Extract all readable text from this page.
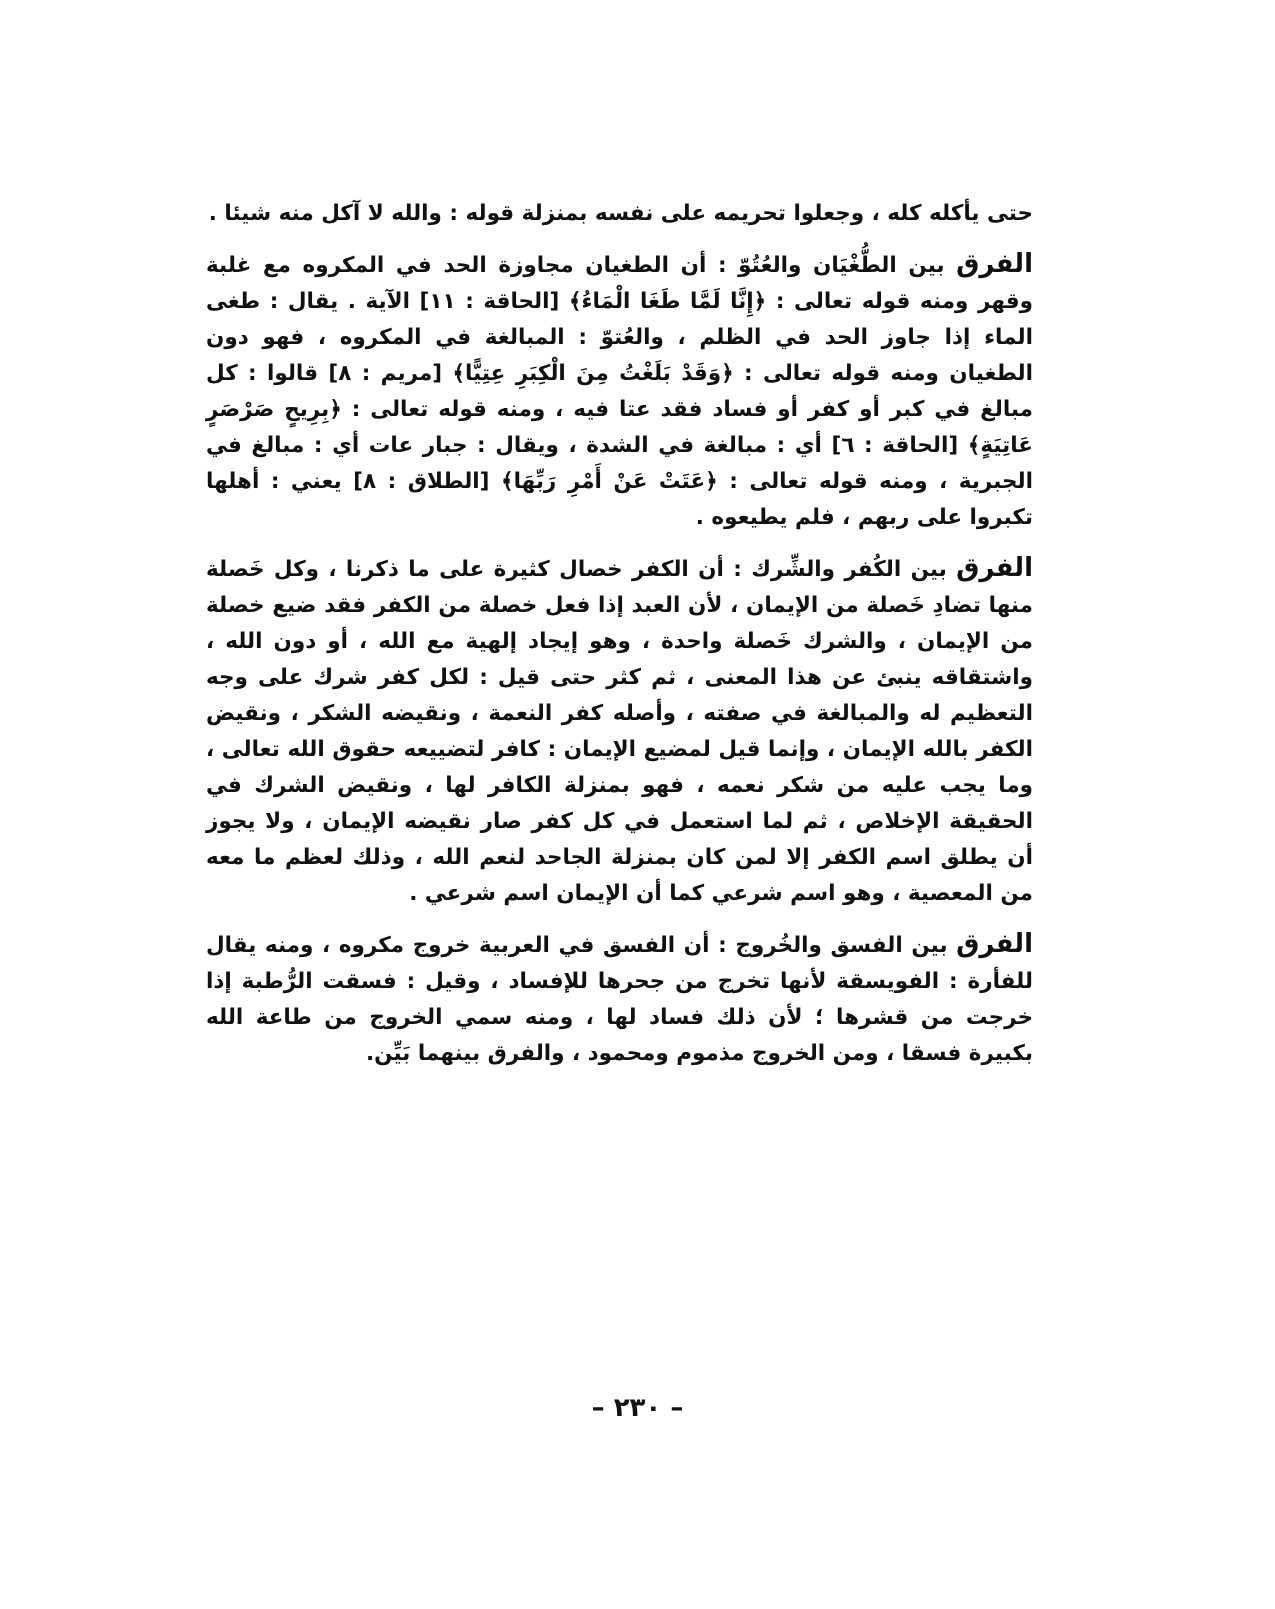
حتى يأكله كله ، وجعلوا تحريمه على نفسه بمنزلة قوله : والله لا آكل منه شيئا .

الفرق بين الطُّغْيَان والعُتُوّ : أن الطغيان مجاوزة الحد في المكروه مع غلبة وقهر ومنه قوله تعالى : ﴿إِنَّا لَمَّا طَغَا الْمَاءُ﴾ [الحاقة : ١١] الآية . يقال : طغى الماء إذا جاوز الحد في الظلم ، والعُتوّ : المبالغة في المكروه ، فهو دون الطغيان ومنه قوله تعالى : ﴿وَقَدْ بَلَغْتُ مِنَ الْكِبَرِ عِتِيًّا﴾ [مريم : ٨] قالوا : كل مبالغ في كبر أو كفر أو فساد فقد عتا فيه ، ومنه قوله تعالى : ﴿بِرِيحٍ صَرْصَرٍ عَاتِيَةٍ﴾ [الحاقة : ٦] أي : مبالغة في الشدة ، ويقال : جبار عات أي : مبالغ في الجبرية ، ومنه قوله تعالى : ﴿عَتَتْ عَنْ أَمْرِ رَبِّهَا﴾ [الطلاق : ٨] يعني : أهلها تكبروا على ربهم ، فلم يطيعوه .

الفرق بين الكُفر والشِّرك : أن الكفر خصال كثيرة على ما ذكرنا ، وكل خَصلة منها تضادِ خَصلة من الإيمان ، لأن العبد إذا فعل خصلة من الكفر فقد ضيع خصلة من الإيمان ، والشرك خَصلة واحدة ، وهو إيجاد إلهية مع الله ، أو دون الله ، واشتقاقه ينبئ عن هذا المعنى ، ثم كثر حتى قيل : لكل كفر شرك على وجه التعظيم له والمبالغة في صفته ، وأصله كفر النعمة ، ونقيضه الشكر ، ونقيض الكفر بالله الإيمان ، وإنما قيل لمضيع الإيمان : كافر لتضييعه حقوق الله تعالى ، وما يجب عليه من شكر نعمه ، فهو بمنزلة الكافر لها ، ونقيض الشرك في الحقيقة الإخلاص ، ثم لما استعمل في كل كفر صار نقيضه الإيمان ، ولا يجوز أن يطلق اسم الكفر إلا لمن كان بمنزلة الجاحد لنعم الله ، وذلك لعظم ما معه من المعصية ، وهو اسم شرعي كما أن الإيمان اسم شرعي .

الفرق بين الفسق والخُروج : أن الفسق في العربية خروج مكروه ، ومنه يقال للفأرة : الفويسقة لأنها تخرج من جحرها للإفساد ، وقيل : فسقت الرُّطبة إذا خرجت من قشرها ؛ لأن ذلك فساد لها ، ومنه سمي الخروج من طاعة الله بكبيرة فسقا ، ومن الخروج مذموم ومحمود ، والفرق بينهما بَيِّن.

– ٢٣٠ –
